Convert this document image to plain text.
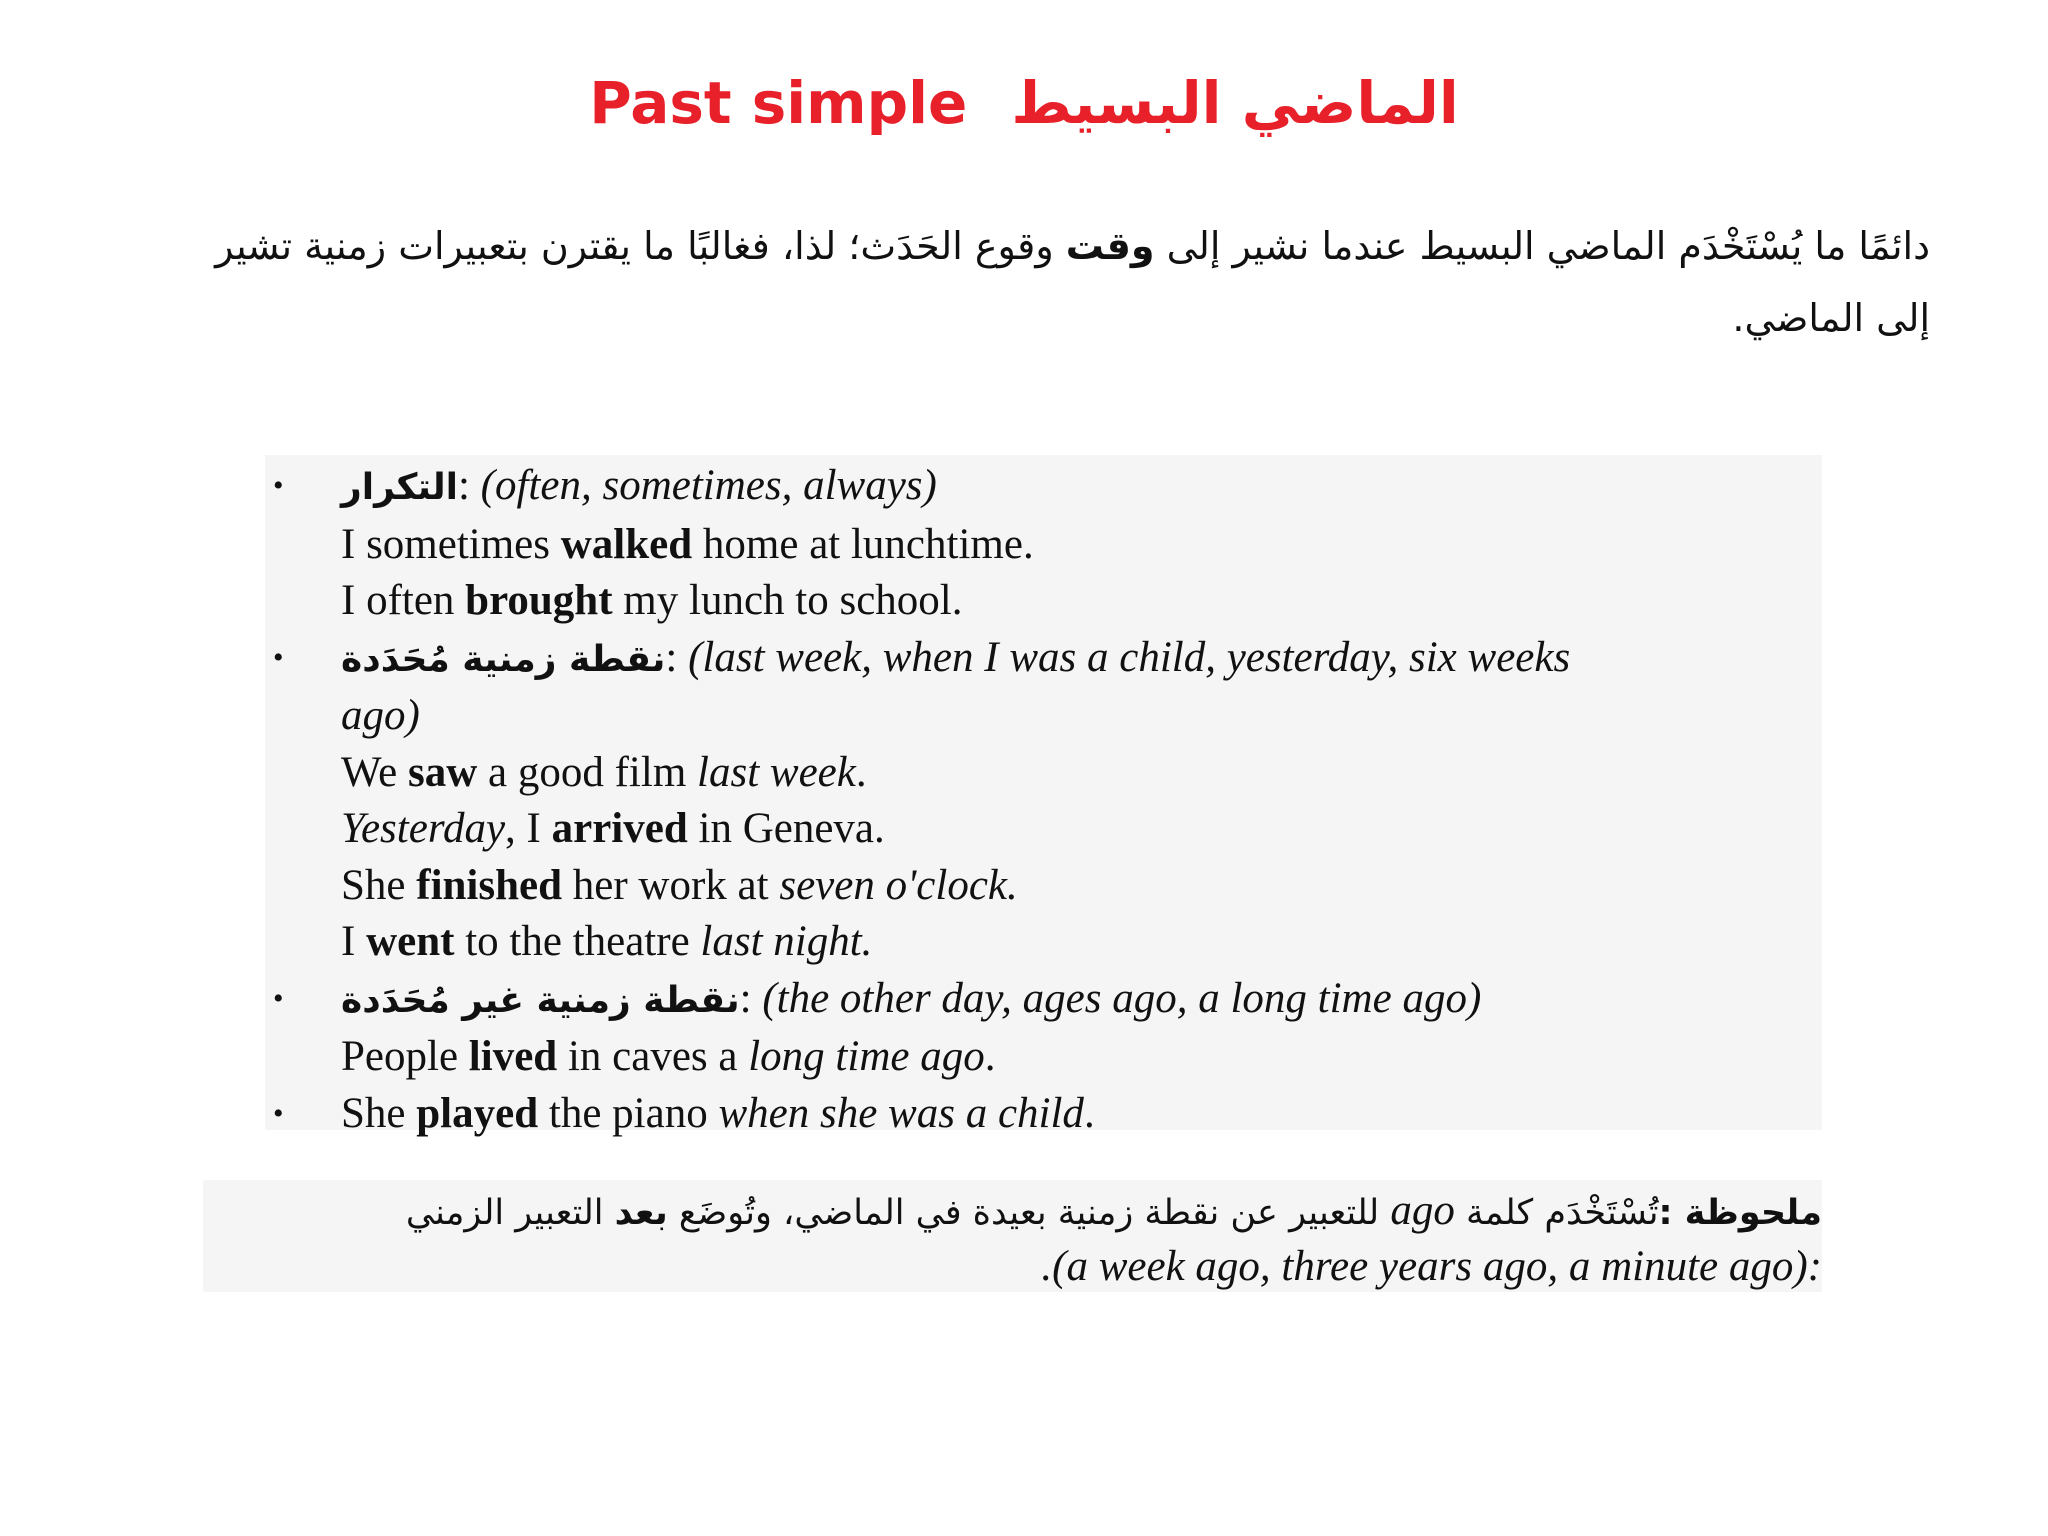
Past simple الماضي البسيط
دائمًا ما يُسْتَخْدَم الماضي البسيط عندما نشير إلى وقت وقوع الحَدَث؛ لذا، فغالبًا ما يقترن بتعبيرات زمنية تشير إلى الماضي.
• التكرار: (often, sometimes, always)
I sometimes walked home at lunchtime.
I often brought my lunch to school.
• نقطة زمنية مُحَدَدة: (last week, when I was a child, yesterday, six weeks
ago)
We saw a good film last week.
Yesterday, I arrived in Geneva.
She finished her work at seven o'clock.
I went to the theatre last night.
• نقطة زمنية غير مُحَدَدة: (the other day, ages ago, a long time ago)
People lived in caves a long time ago.
• She played the piano when she was a child.
ملحوظة :تُسْتَخْدَم كلمة ago للتعبير عن نقطة زمنية بعيدة في الماضي، وتُوضَع بعد التعبير الزمني
.(a week ago, three years ago, a minute ago):
